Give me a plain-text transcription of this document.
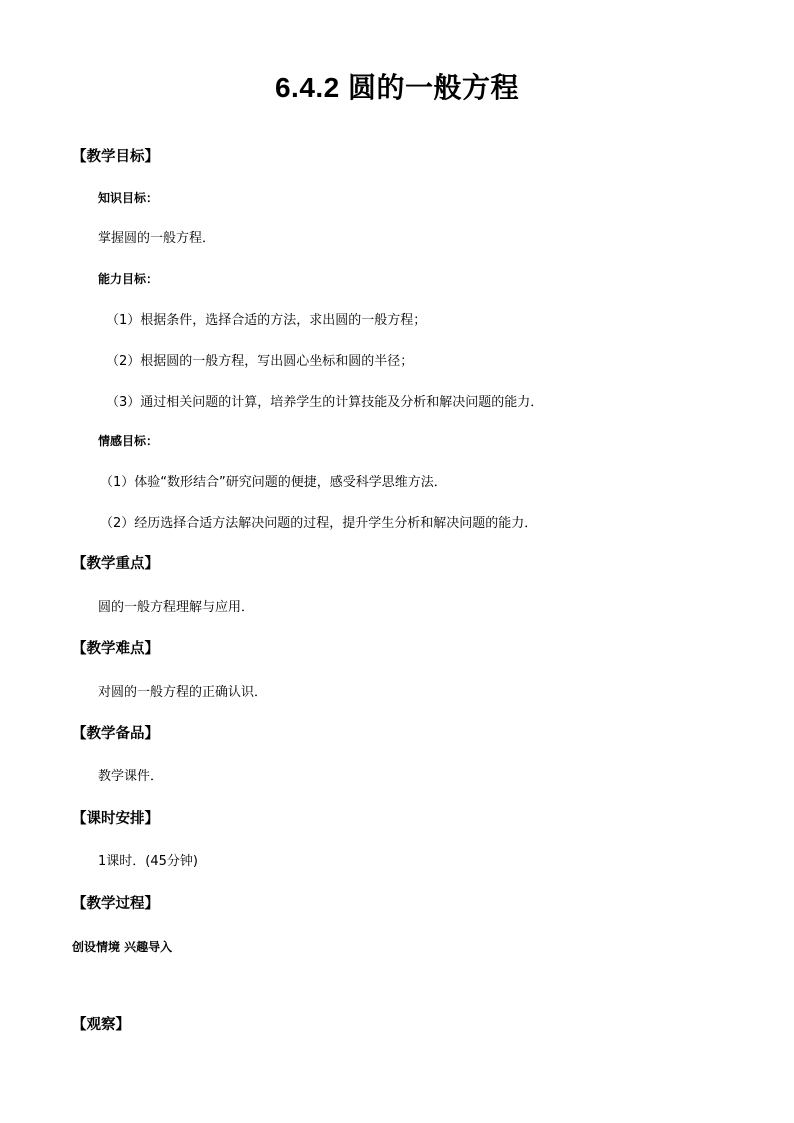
6.4.2 圆的一般方程
【教学目标】
知识目标：
掌握圆的一般方程．
能力目标：
（1）根据条件，选择合适的方法，求出圆的一般方程；
（2）根据圆的一般方程，写出圆心坐标和圆的半径；
（3）通过相关问题的计算，培养学生的计算技能及分析和解决问题的能力．
情感目标：
（1）体验“数形结合”研究问题的便捷，感受科学思维方法．
（2）经历选择合适方法解决问题的过程，提升学生分析和解决问题的能力．
【教学重点】
圆的一般方程理解与应用．
【教学难点】
对圆的一般方程的正确认识．
【教学备品】
教学课件．
【课时安排】
1课时．(45分钟)
【教学过程】
创设情境 兴趣导入
【观察】
